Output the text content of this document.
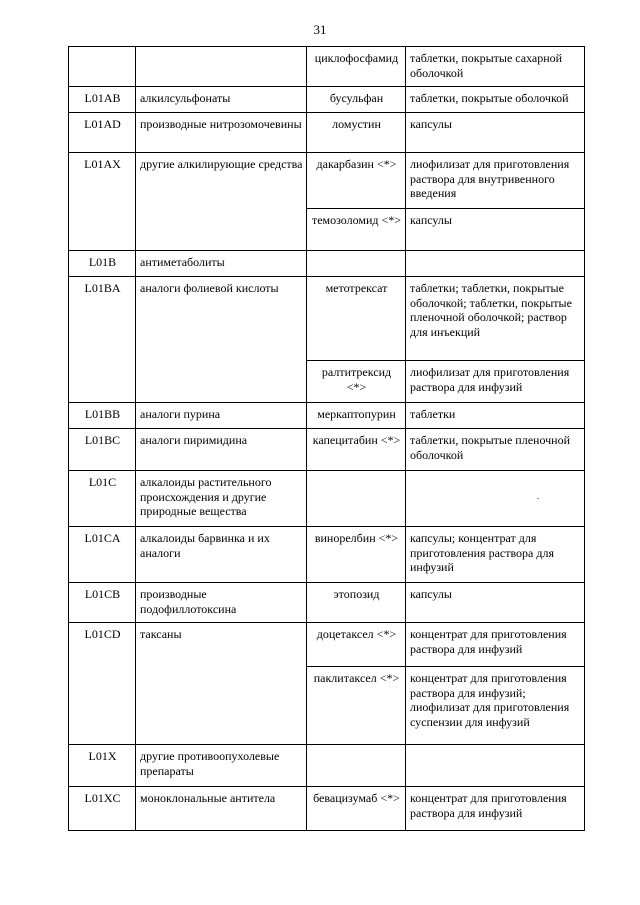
31
		циклофосфамид	таблетки, покрытые сахарной оболочкой
L01AB	алкилсульфонаты	бусульфан	таблетки, покрытые оболочкой
L01AD	производные нитрозомочевины	ломустин	капсулы
L01AX	другие алкилирующие средства	дакарбазин <*>	лиофилизат для приготовления раствора для внутривенного введения
		темозоломид <*>	капсулы
L01B	антиметаболиты		
L01BA	аналоги фолиевой кислоты	метотрексат	таблетки; таблетки, покрытые оболочкой; таблетки, покрытые пленочной оболочкой; раствор для инъекций
		ралтитрексид <*>	лиофилизат для приготовления раствора для инфузий
L01BB	аналоги пурина	меркаптопурин	таблетки
L01BC	аналоги пиримидина	капецитабин <*>	таблетки, покрытые пленочной оболочкой
L01C	алкалоиды растительного происхождения и другие природные вещества		
L01CA	алкалоиды барвинка и их аналоги	винорелбин <*>	капсулы; концентрат для приготовления раствора для инфузий
L01CB	производные подофиллотоксина	этопозид	капсулы
L01CD	таксаны	доцетаксел <*>	концентрат для приготовления раствора для инфузий
		паклитаксел <*>	концентрат для приготовления раствора для инфузий; лиофилизат для приготовления суспензии для инфузий
L01X	другие противоопухолевые препараты		
L01XC	моноклональные антитела	бевацизумаб <*>	концентрат для приготовления раствора для инфузий
